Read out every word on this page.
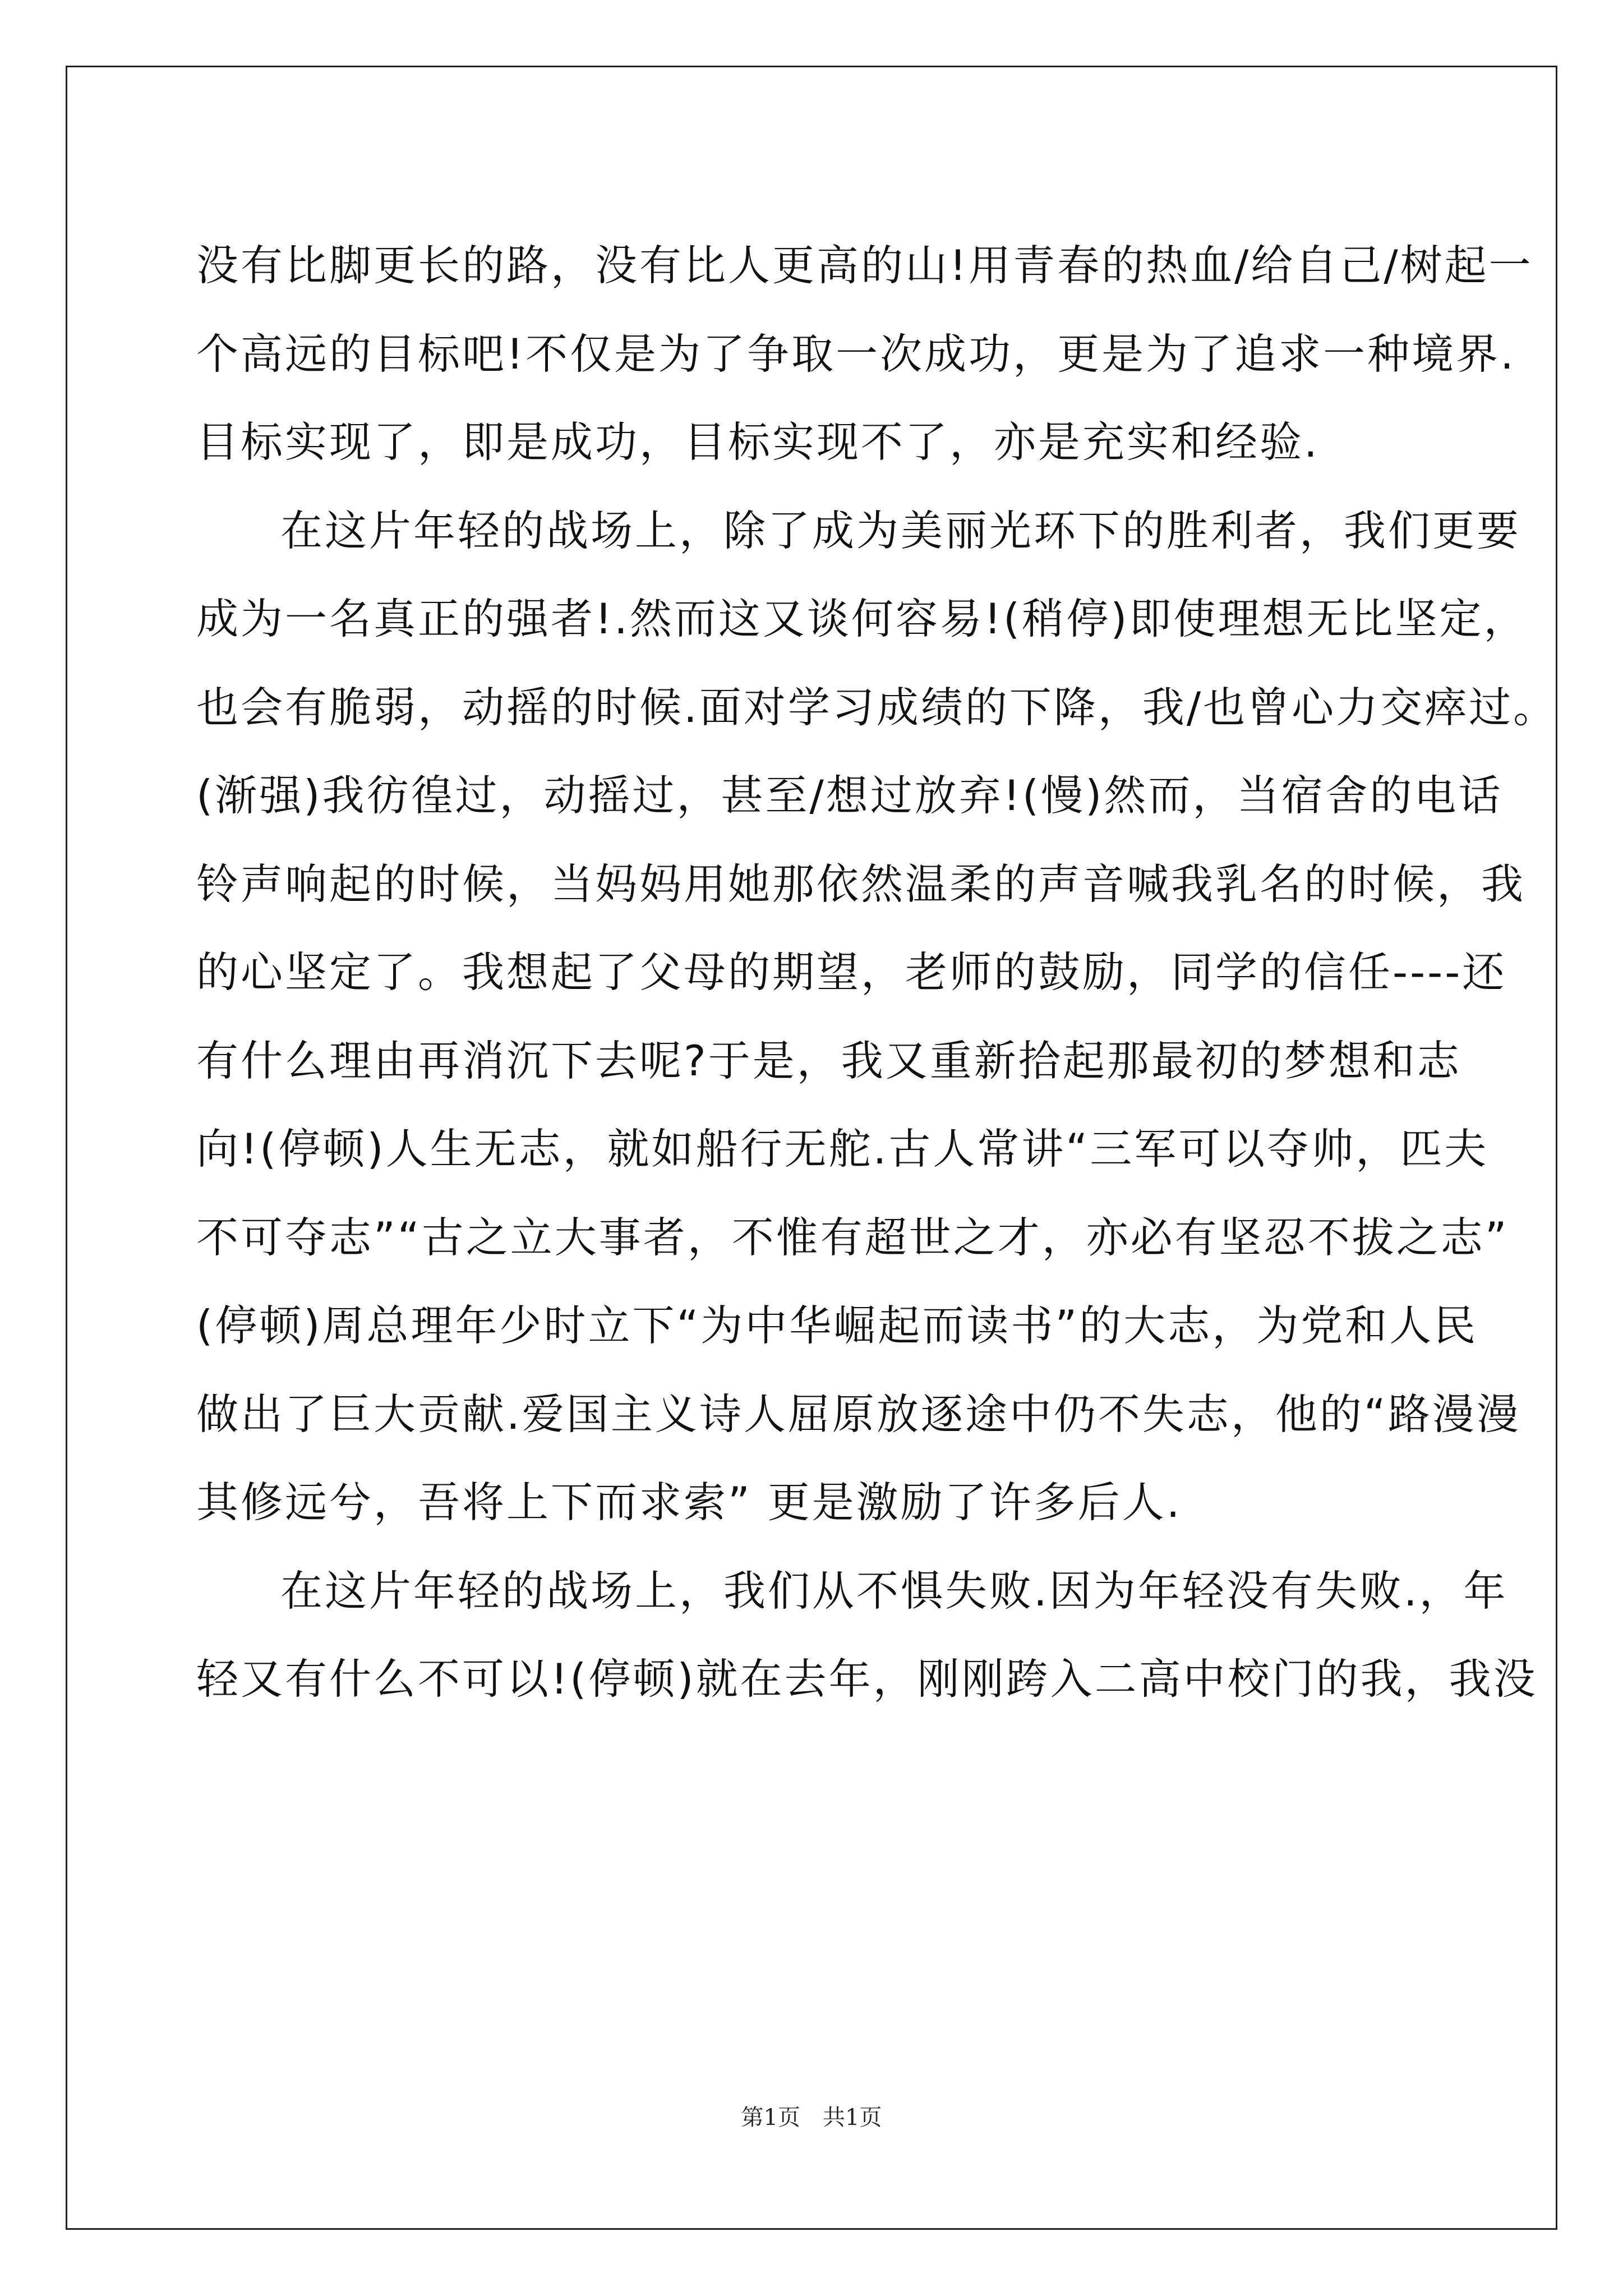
没有比脚更长的路，没有比人更高的山!用青春的热血/给自己/树起一
个高远的目标吧!不仅是为了争取一次成功，更是为了追求一种境界.
目标实现了，即是成功，目标实现不了，亦是充实和经验.
在这片年轻的战场上，除了成为美丽光环下的胜利者，我们更要
成为一名真正的强者!.然而这又谈何容易!(稍停)即使理想无比坚定，
也会有脆弱，动摇的时候.面对学习成绩的下降，我/也曾心力交瘁过。
(渐强)我彷徨过，动摇过，甚至/想过放弃!(慢)然而，当宿舍的电话
铃声响起的时候，当妈妈用她那依然温柔的声音喊我乳名的时候，我
的心坚定了。我想起了父母的期望，老师的鼓励，同学的信任----还
有什么理由再消沉下去呢?于是，我又重新拾起那最初的梦想和志
向!(停顿)人生无志，就如船行无舵.古人常讲“三军可以夺帅，匹夫
不可夺志”“古之立大事者，不惟有超世之才，亦必有坚忍不拔之志”
(停顿)周总理年少时立下“为中华崛起而读书”的大志，为党和人民
做出了巨大贡献.爱国主义诗人屈原放逐途中仍不失志，他的“路漫漫
其修远兮，吾将上下而求索” 更是激励了许多后人.
在这片年轻的战场上，我们从不惧失败.因为年轻没有失败.，年
轻又有什么不可以!(停顿)就在去年，刚刚跨入二高中校门的我，我没
第1页　共1页
